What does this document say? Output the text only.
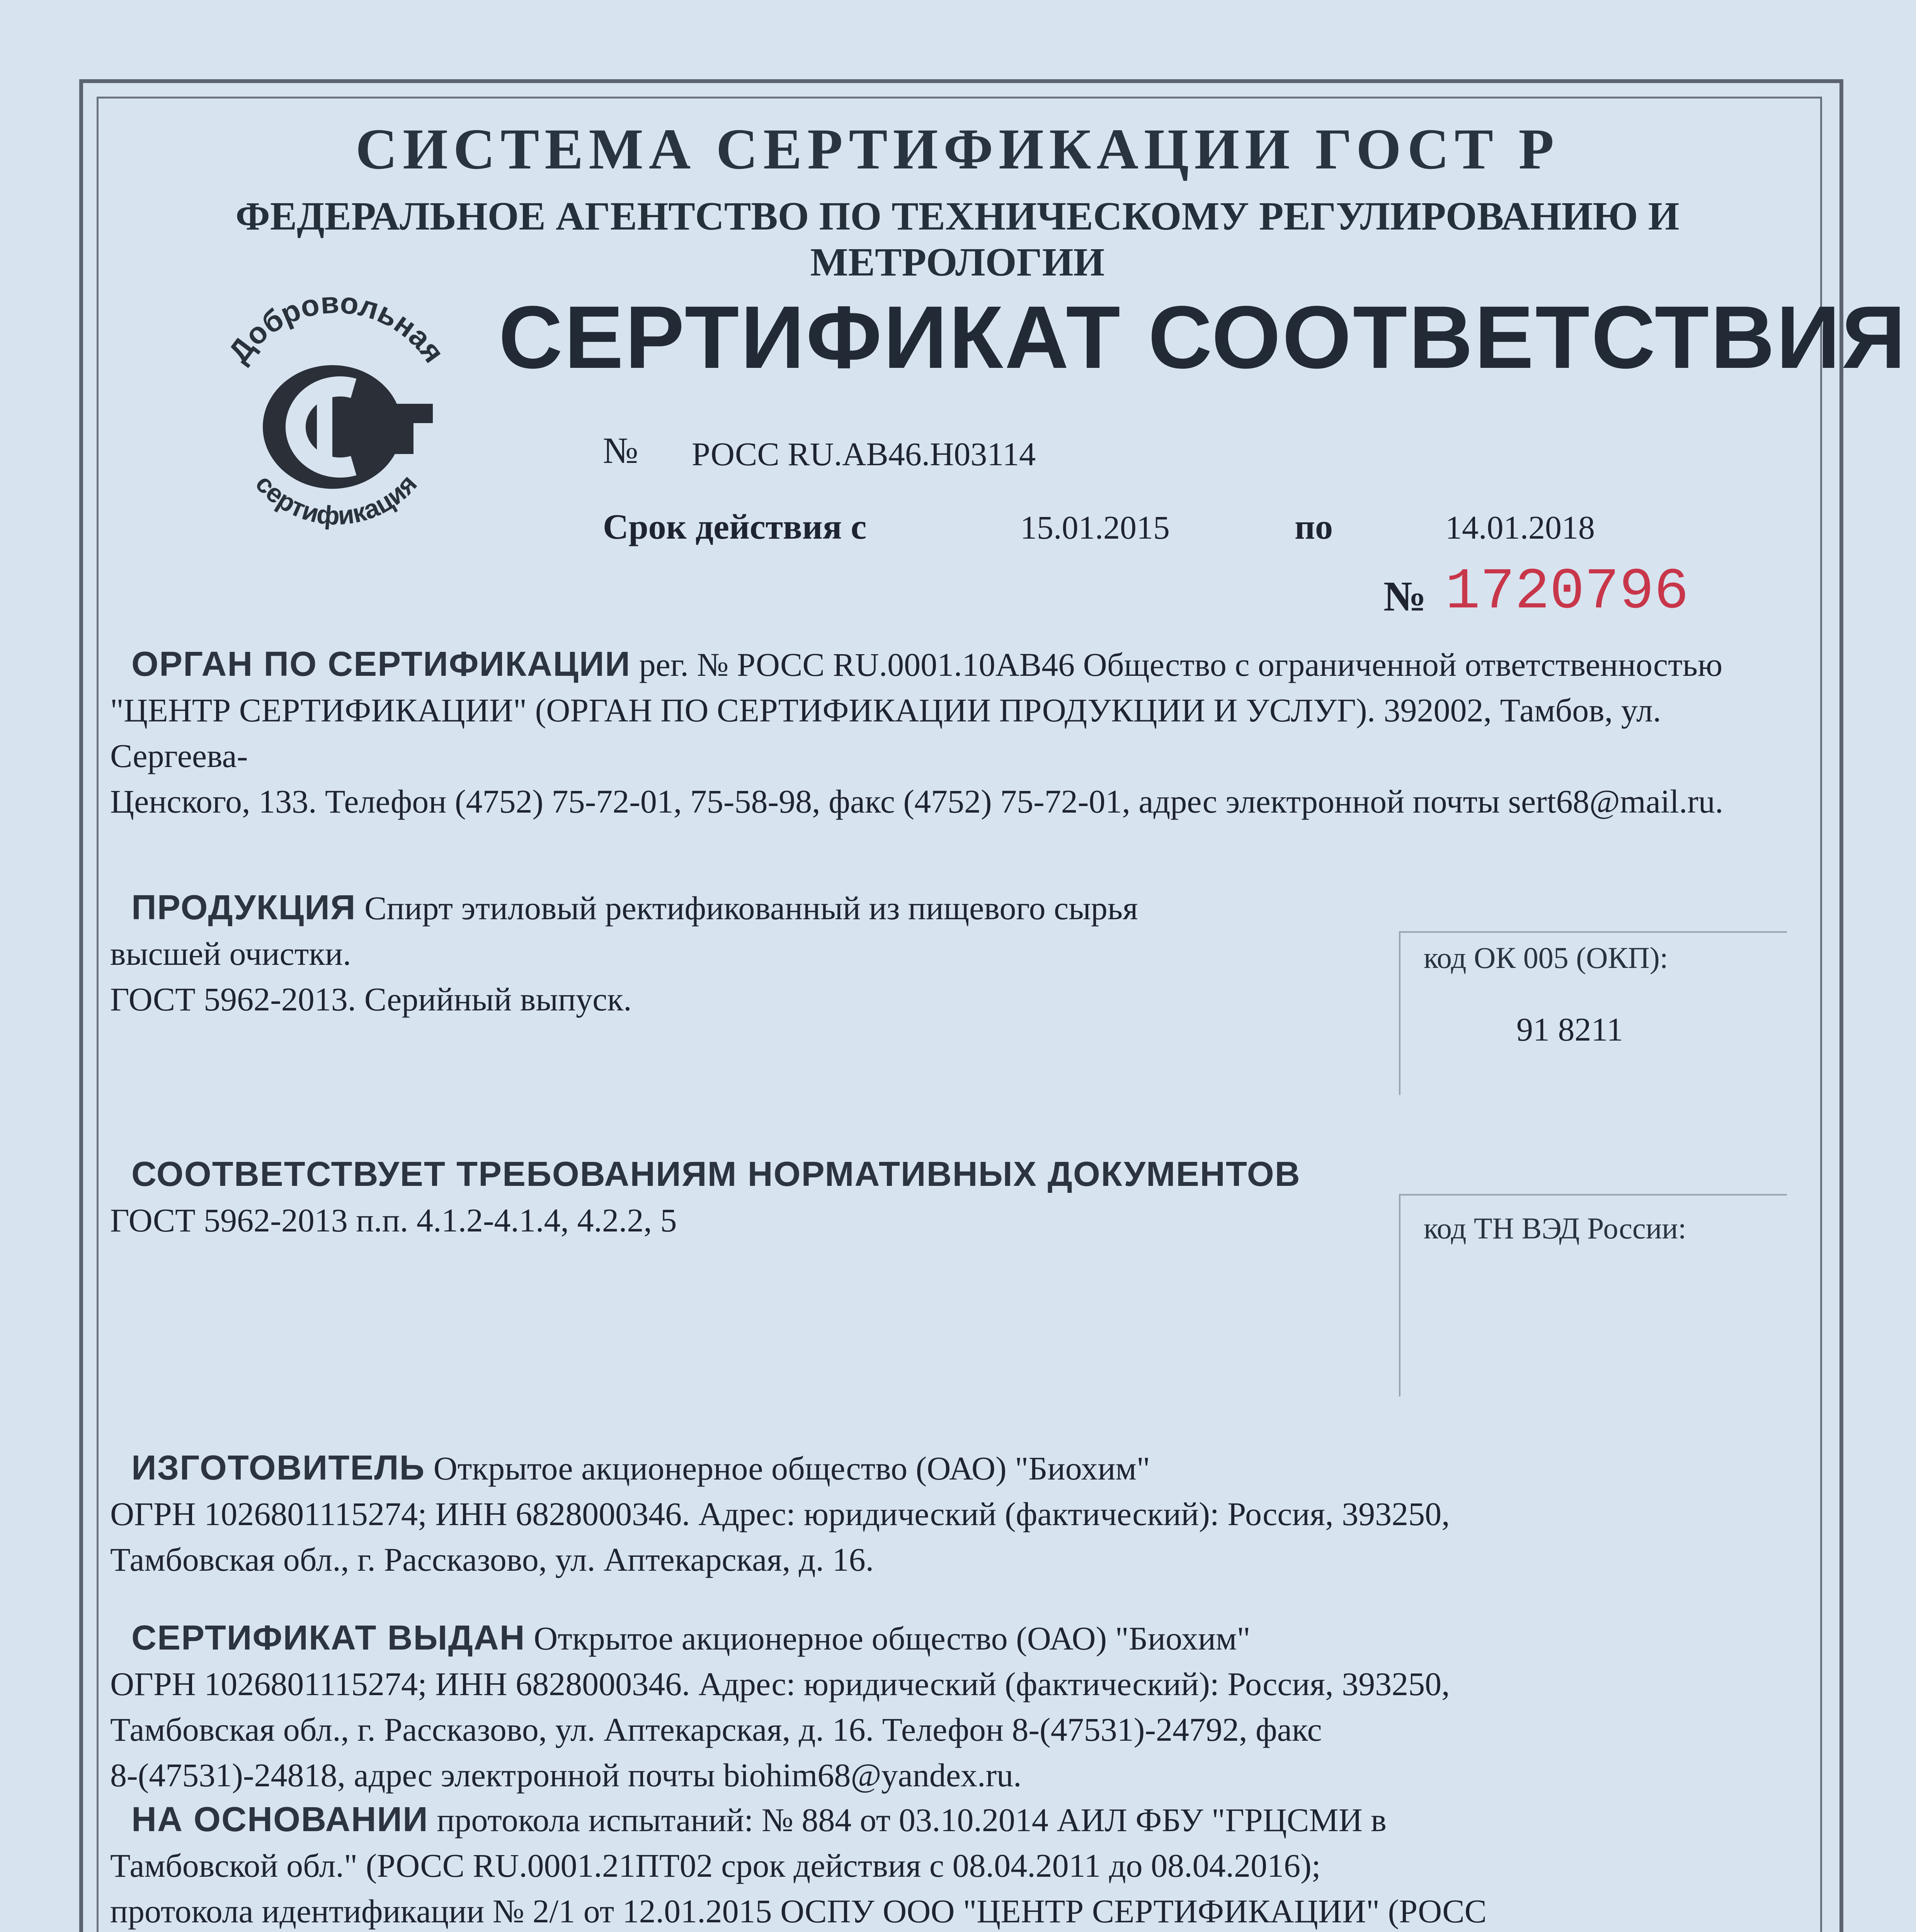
СИСТЕМА СЕРТИФИКАЦИИ ГОСТ Р
ФЕДЕРАЛЬНОЕ АГЕНТСТВО ПО ТЕХНИЧЕСКОМУ РЕГУЛИРОВАНИЮ И МЕТРОЛОГИИ
Добровольная
сертификация
СЕРТИФИКАТ СООТВЕТСТВИЯ
№ РОСС RU.АВ46.Н03114
Срок действия с	15.01.2015	по	14.01.2018
№ 1720796
ОРГАН ПО СЕРТИФИКАЦИИ рег. № РОСС RU.0001.10АВ46 Общество с ограниченной ответственностью
"ЦЕНТР СЕРТИФИКАЦИИ" (ОРГАН ПО СЕРТИФИКАЦИИ ПРОДУКЦИИ И УСЛУГ). 392002, Тамбов, ул. Сергеева-
Ценского, 133. Телефон (4752) 75-72-01, 75-58-98, факс (4752) 75-72-01, адрес электронной почты sert68@mail.ru.
ПРОДУКЦИЯ Спирт этиловый ректификованный из пищевого сырья
высшей очистки.
ГОСТ 5962-2013. Серийный выпуск.
код ОК 005 (ОКП):
91 8211
СООТВЕТСТВУЕТ ТРЕБОВАНИЯМ НОРМАТИВНЫХ ДОКУМЕНТОВ
ГОСТ 5962-2013 п.п. 4.1.2-4.1.4, 4.2.2, 5	код ТН ВЭД России:
ИЗГОТОВИТЕЛЬ Открытое акционерное общество (ОАО) "Биохим"
ОГРН 1026801115274; ИНН 6828000346. Адрес: юридический (фактический): Россия, 393250,
Тамбовская обл., г. Рассказово, ул. Аптекарская, д. 16.
СЕРТИФИКАТ ВЫДАН Открытое акционерное общество (ОАО) "Биохим"
ОГРН 1026801115274; ИНН 6828000346. Адрес: юридический (фактический): Россия, 393250,
Тамбовская обл., г. Рассказово, ул. Аптекарская, д. 16. Телефон 8-(47531)-24792, факс
8-(47531)-24818, адрес электронной почты biohim68@yandex.ru.
НА ОСНОВАНИИ протокола испытаний: № 884 от 03.10.2014 АИЛ ФБУ "ГРЦСМИ в
Тамбовской обл." (РОСС RU.0001.21ПТ02 срок действия с 08.04.2011 до 08.04.2016);
протокола идентификации № 2/1 от 12.01.2015 ОСПУ ООО "ЦЕНТР СЕРТИФИКАЦИИ" (РОСС
